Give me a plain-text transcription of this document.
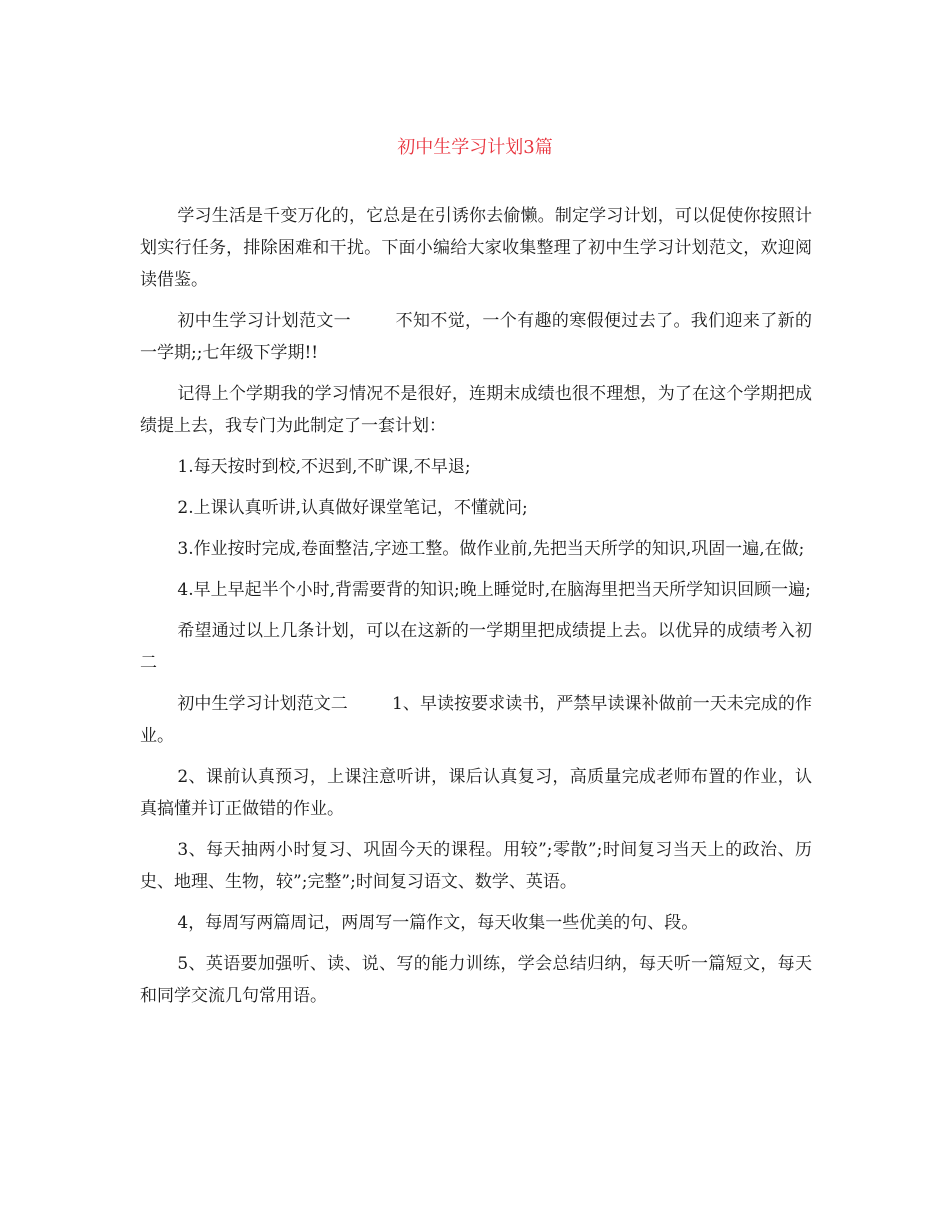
初中生学习计划3篇

学习生活是千变万化的，它总是在引诱你去偷懒。制定学习计划，可以促使你按照计划实行任务，排除困难和干扰。下面小编给大家收集整理了初中生学习计划范文，欢迎阅读借鉴。

初中生学习计划范文一	不知不觉，一个有趣的寒假便过去了。我们迎来了新的一学期;;七年级下学期!!

记得上个学期我的学习情况不是很好，连期末成绩也很不理想，为了在这个学期把成绩提上去，我专门为此制定了一套计划：

1.每天按时到校,不迟到,不旷课,不早退;

2.上课认真听讲,认真做好课堂笔记，不懂就问;

3.作业按时完成,卷面整洁,字迹工整。做作业前,先把当天所学的知识,巩固一遍,在做;

4.早上早起半个小时,背需要背的知识;晚上睡觉时,在脑海里把当天所学知识回顾一遍;

希望通过以上几条计划，可以在这新的一学期里把成绩提上去。以优异的成绩考入初二

初中生学习计划范文二	1、早读按要求读书，严禁早读课补做前一天未完成的作业。

2、课前认真预习，上课注意听讲，课后认真复习，高质量完成老师布置的作业，认真搞懂并订正做错的作业。

3、每天抽两小时复习、巩固今天的课程。用较”;零散”;时间复习当天上的政治、历史、地理、生物，较”;完整”;时间复习语文、数学、英语。

4，每周写两篇周记，两周写一篇作文，每天收集一些优美的句、段。

5、英语要加强听、读、说、写的能力训练，学会总结归纳，每天听一篇短文，每天和同学交流几句常用语。
